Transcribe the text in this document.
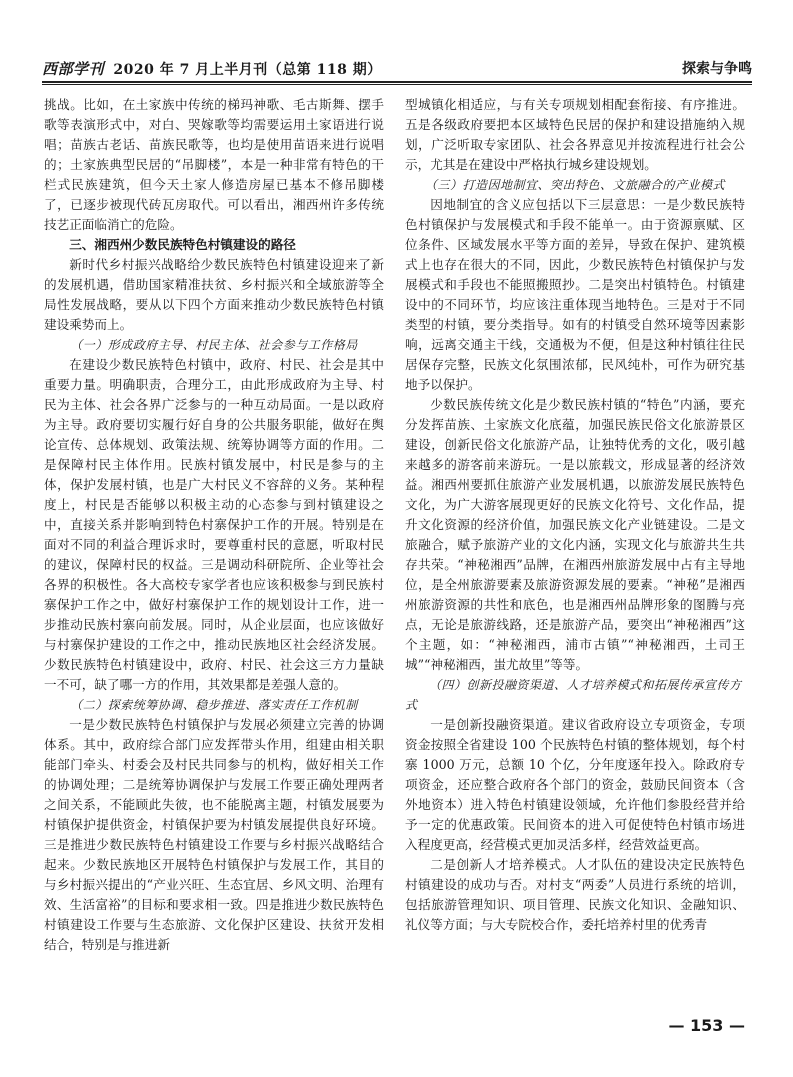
西部学刊 2020 年 7 月上半月刊（总第 118 期）	探索与争鸣

挑战。比如，在土家族中传统的梯玛神歌、毛古斯舞、摆手歌等表演形式中，对白、哭嫁歌等均需要运用土家语进行说唱；苗族古老话、苗族民歌等，也均是使用苗语来进行说唱的；土家族典型民居的“吊脚楼”，本是一种非常有特色的干栏式民族建筑，但今天土家人修造房屋已基本不修吊脚楼了，已逐步被现代砖瓦房取代。可以看出，湘西州许多传统技艺正面临消亡的危险。

三、湘西州少数民族特色村镇建设的路径

新时代乡村振兴战略给少数民族特色村镇建设迎来了新的发展机遇，借助国家精准扶贫、乡村振兴和全域旅游等全局性发展战略，要从以下四个方面来推动少数民族特色村镇建设乘势而上。

（一）形成政府主导、村民主体、社会参与工作格局

在建设少数民族特色村镇中，政府、村民、社会是其中重要力量。明确职责，合理分工，由此形成政府为主导、村民为主体、社会各界广泛参与的一种互动局面。一是以政府为主导。政府要切实履行好自身的公共服务职能，做好在舆论宣传、总体规划、政策法规、统筹协调等方面的作用。二是保障村民主体作用。民族村镇发展中，村民是参与的主体，保护发展村镇，也是广大村民义不容辞的义务。某种程度上，村民是否能够以积极主动的心态参与到村镇建设之中，直接关系并影响到特色村寨保护工作的开展。特别是在面对不同的利益合理诉求时，要尊重村民的意愿，听取村民的建议，保障村民的权益。三是调动科研院所、企业等社会各界的积极性。各大高校专家学者也应该积极参与到民族村寨保护工作之中，做好村寨保护工作的规划设计工作，进一步推动民族村寨向前发展。同时，从企业层面，也应该做好与村寨保护建设的工作之中，推动民族地区社会经济发展。少数民族特色村镇建设中，政府、村民、社会这三方力量缺一不可，缺了哪一方的作用，其效果都是差强人意的。

（二）探索统筹协调、稳步推进、落实责任工作机制

一是少数民族特色村镇保护与发展必须建立完善的协调体系。其中，政府综合部门应发挥带头作用，组建由相关职能部门牵头、村委会及村民共同参与的机构，做好相关工作的协调处理；二是统筹协调保护与发展工作要正确处理两者之间关系，不能顾此失彼，也不能脱离主题，村镇发展要为村镇保护提供资金，村镇保护要为村镇发展提供良好环境。三是推进少数民族特色村镇建设工作要与乡村振兴战略结合起来。少数民族地区开展特色村镇保护与发展工作，其目的与乡村振兴提出的“产业兴旺、生态宜居、乡风文明、治理有效、生活富裕”的目标和要求相一致。四是推进少数民族特色村镇建设工作要与生态旅游、文化保护区建设、扶贫开发相结合，特别是与推进新

型城镇化相适应，与有关专项规划相配套衔接、有序推进。五是各级政府要把本区域特色民居的保护和建设措施纳入规划，广泛听取专家团队、社会各界意见并按流程进行社会公示，尤其是在建设中严格执行城乡建设规划。

（三）打造因地制宜、突出特色、文旅融合的产业模式

因地制宜的含义应包括以下三层意思：一是少数民族特色村镇保护与发展模式和手段不能单一。由于资源禀赋、区位条件、区域发展水平等方面的差异，导致在保护、建筑模式上也存在很大的不同，因此，少数民族特色村镇保护与发展模式和手段也不能照搬照抄。二是突出村镇特色。村镇建设中的不同环节，均应该注重体现当地特色。三是对于不同类型的村镇，要分类指导。如有的村镇受自然环境等因素影响，远离交通主干线，交通极为不便，但是这种村镇往往民居保存完整，民族文化氛围浓郁，民风纯朴，可作为研究基地予以保护。

少数民族传统文化是少数民族村镇的“特色”内涵，要充分发挥苗族、土家族文化底蕴，加强民族民俗文化旅游景区建设，创新民俗文化旅游产品，让独特优秀的文化，吸引越来越多的游客前来游玩。一是以旅载文，形成显著的经济效益。湘西州要抓住旅游产业发展机遇，以旅游发展民族特色文化，为广大游客展现更好的民族文化符号、文化作品，提升文化资源的经济价值，加强民族文化产业链建设。二是文旅融合，赋予旅游产业的文化内涵，实现文化与旅游共生共存共荣。“神秘湘西”品牌，在湘西州旅游发展中占有主导地位，是全州旅游要素及旅游资源发展的要素。“神秘”是湘西州旅游资源的共性和底色，也是湘西州品牌形象的图腾与亮点，无论是旅游线路，还是旅游产品，要突出“神秘湘西”这个主题，如：“神秘湘西，浦市古镇”“神秘湘西，土司王城”“神秘湘西，蚩尤故里”等等。

（四）创新投融资渠道、人才培养模式和拓展传承宣传方式

一是创新投融资渠道。建议省政府设立专项资金，专项资金按照全省建设 100 个民族特色村镇的整体规划，每个村寨 1000 万元，总额 10 个亿，分年度逐年投入。除政府专项资金，还应整合政府各个部门的资金，鼓励民间资本（含外地资本）进入特色村镇建设领域，允许他们参股经营并给予一定的优惠政策。民间资本的进入可促使特色村镇市场进入程度更高，经营模式更加灵活多样，经营效益更高。

二是创新人才培养模式。人才队伍的建设决定民族特色村镇建设的成功与否。对村支“两委”人员进行系统的培训，包括旅游管理知识、项目管理、民族文化知识、金融知识、礼仪等方面；与大专院校合作，委托培养村里的优秀青

— 153 —
